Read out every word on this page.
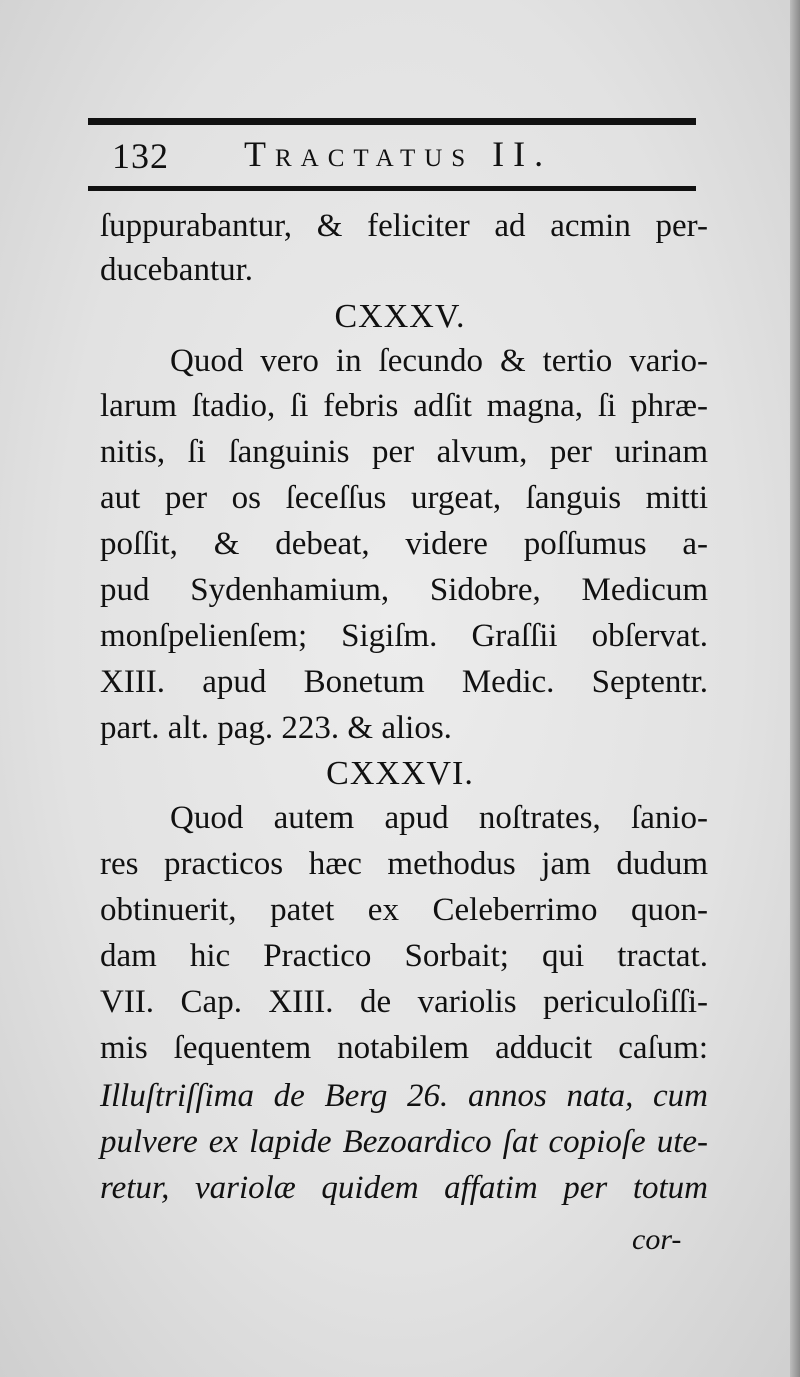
132 Tractatus II.
ſuppurabantur, & feliciter ad acmin per-
ducebantur.
CXXXV.
Quod vero in ſecundo & tertio vario-
larum ſtadio, ſi febris adſit magna, ſi phræ-
nitis, ſi ſanguinis per alvum, per urinam
aut per os ſeceſſus urgeat, ſanguis mitti
poſſit, & debeat, videre poſſumus a-
pud Sydenhamium, Sidobre, Medicum
monſpelienſem; Sigiſm. Graſſii obſervat.
XIII. apud Bonetum Medic. Septentr.
part. alt. pag. 223. & alios.
CXXXVI.
Quod autem apud noſtrates, ſanio-
res practicos hæc methodus jam dudum
obtinuerit, patet ex Celeberrimo quon-
dam hic Practico Sorbait; qui tractat.
VII. Cap. XIII. de variolis periculoſiſſi-
mis ſequentem notabilem adducit caſum:
Illuſtriſſima de Berg 26. annos nata, cum
pulvere ex lapide Bezoardico ſat copioſe ute-
retur, variolæ quidem affatim per totum
cor-
